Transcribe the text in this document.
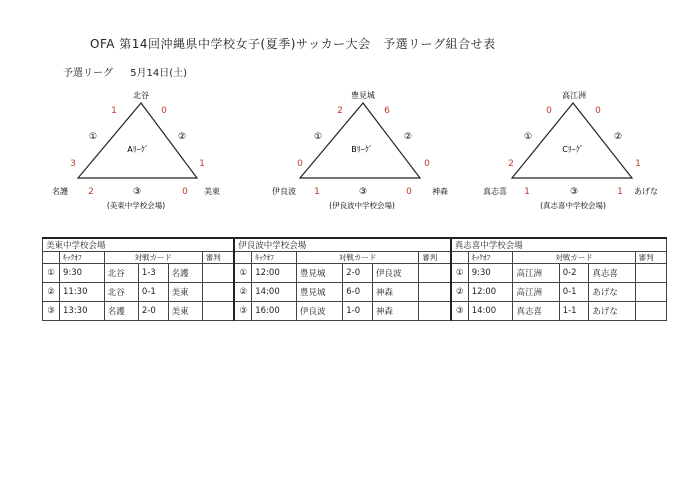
OFA 第14回沖縄県中学校女子(夏季)サッカー大会　予選リーグ組合せ表
予選リーグ 5月14日(土)
北谷
名護	美東
Aﾘｰｸﾞ
(美東中学校会場)
1	0
3	1
2	0
①	②
③
豊見城
伊良波	神森
Bﾘｰｸﾞ
(伊良波中学校会場)
2	6
0	0
1	0
①	②
③
高江洲
真志喜	あげな
Cﾘｰｸﾞ
(真志喜中学校会場)
0	0
2	1
1	1
①	②
③
美東中学校会場						伊良波中学校会場						真志喜中学校会場					
	ｷｯｸｵﾌ	対戦カード			審判		ｷｯｸｵﾌ	対戦カード			審判		ｷｯｸｵﾌ	対戦カード			審判
①	9:30	北谷	1-3	名護		①	12:00	豊見城	2-0	伊良波		①	9:30	高江洲	0-2	真志喜	
②	11:30	北谷	0-1	美東		②	14:00	豊見城	6-0	神森		②	12:00	高江洲	0-1	あげな	
③	13:30	名護	2-0	美東		③	16:00	伊良波	1-0	神森		③	14:00	真志喜	1-1	あげな	
